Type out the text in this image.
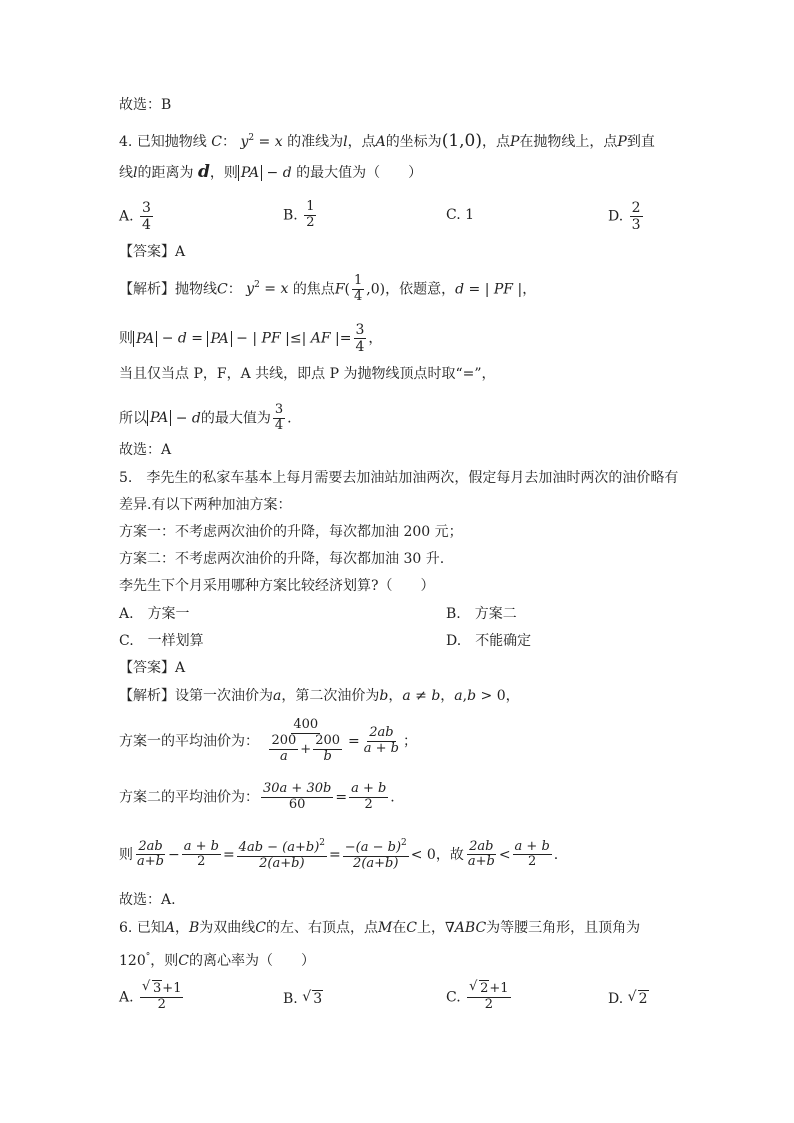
故选：B
4. 已知抛物线 C： $y^2 = x$ 的准线为l，点A的坐标为(1,0)，点P在抛物线上，点P到直
线l的距离为 d，则 PA − d 的最大值为（　　）
A. $\frac{3}{4}$	B. $\frac{1}{2}$	C. 1	D. $\frac{2}{3}$
【答案】A
【解析】抛物线C： $y^2 = x$ 的焦点$F( \frac{1}{4} ,0)$，依题意，d = | PF |，
则 PA − d = PA − | PF |≤| AF |= $\frac{3}{4}$ ，
当且仅当点 P，F，A 共线，即点 P 为抛物线顶点时取“=”，
所以 PA − d的最大值为 $\frac{3}{4}$ .
故选：A
5.　李先生的私家车基本上每月需要去加油站加油两次，假定每月去加油时两次的油价略有
差异.有以下两种加油方案：
方案一：不考虑两次油价的升降，每次都加油 200 元；
方案二：不考虑两次油价的升降，每次都加油 30 升.
李先生下个月采用哪种方案比较经济划算?（　　）
A.　 方案一	B.　 方案二
C.　 一样划算	D.　 不能确定
【答案】A
【解析】设第一次油价为a，第二次油价为b，a ≠ b，a,b > 0，
方案一的平均油价为： $\frac{400}{\frac{200}{a} + \frac{200}{b}} = \frac{2ab}{a + b}$ ；
方案二的平均油价为： $\frac{30a + 30b}{60} = \frac{a + b}{2}$ .
则 $\frac{2ab}{a+b} - \frac{a + b}{2} = \frac{4ab - (a+b)^2}{2(a+b)} = \frac{-(a - b)^2}{2(a+b)} < 0$，故 $\frac{2ab}{a+b} < \frac{a + b}{2}$ .
故选：A.
6. 已知A，B为双曲线C的左、右顶点，点M在C上，∇ABC为等腰三角形，且顶角为
120°，则C的离心率为（　　）
A. $\frac{√ 3+1}{2}$	B. √ 3	C. $\frac{√ 2+1}{2}$	D. √ 2
